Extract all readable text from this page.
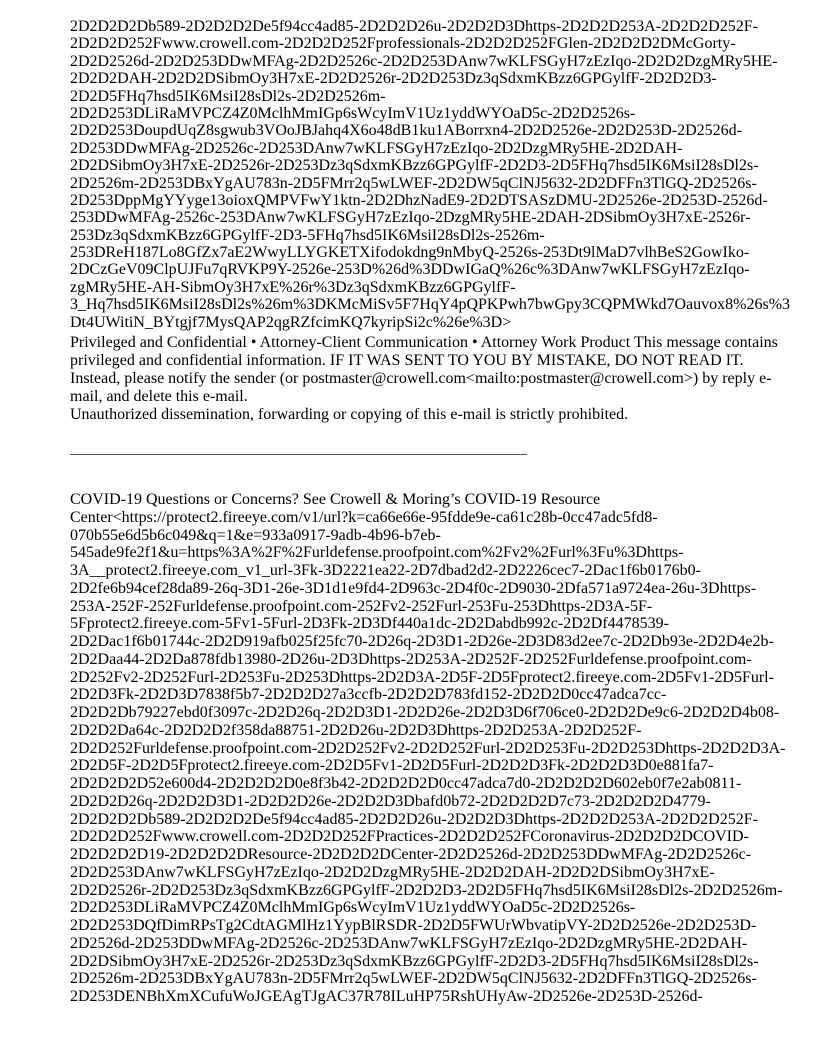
2D2D2D2Db589-2D2D2D2De5f94cc4ad85-2D2D2D26u-2D2D2D3Dhttps-2D2D2D253A-2D2D2D252F-
2D2D2D252Fwww.crowell.com-2D2D2D252Fprofessionals-2D2D2D252FGlen-2D2D2D2DMcGorty-
2D2D2526d-2D2D253DDwMFAg-2D2D2526c-2D2D253DAnw7wKLFSGyH7zEzIqo-2D2D2DzgMRy5HE-
2D2D2DAH-2D2D2DSibmOy3H7xE-2D2D2526r-2D2D253Dz3qSdxmKBzz6GPGylfF-2D2D2D3-
2D2D5FHq7hsd5IK6MsiI28sDl2s-2D2D2526m-
2D2D253DLiRaMVPCZ4Z0MclhMmIGp6sWcyImV1Uz1yddWYOaD5c-2D2D2526s-
2D2D253DoupdUqZ8sgwub3VOoJBJahq4X6o48dB1ku1ABorrxn4-2D2D2526e-2D2D253D-2D2526d-
2D253DDwMFAg-2D2526c-2D253DAnw7wKLFSGyH7zEzIqo-2D2DzgMRy5HE-2D2DAH-
2D2DSibmOy3H7xE-2D2526r-2D253Dz3qSdxmKBzz6GPGylfF-2D2D3-2D5FHq7hsd5IK6MsiI28sDl2s-
2D2526m-2D253DBxYgAU783n-2D5FMrr2q5wLWEF-2D2DW5qClNJ5632-2D2DFFn3TlGQ-2D2526s-
2D253DppMgYYyge13oioxQMPVFwY1ktn-2D2DhzNadE9-2D2DTSASzDMU-2D2526e-2D253D-2526d-
253DDwMFAg-2526c-253DAnw7wKLFSGyH7zEzIqo-2DzgMRy5HE-2DAH-2DSibmOy3H7xE-2526r-
253Dz3qSdxmKBzz6GPGylfF-2D3-5FHq7hsd5IK6MsiI28sDl2s-2526m-
253DReH187Lo8GfZx7aE2WwyLLYGKETXifodokdng9nMbyQ-2526s-253Dt9lMaD7vlhBeS2GowIko-
2DCzGeV09ClpUJFu7qRVKP9Y-2526e-253D%26d%3DDwIGaQ%26c%3DAnw7wKLFSGyH7zEzIqo-
zgMRy5HE-AH-SibmOy3H7xE%26r%3Dz3qSdxmKBzz6GPGylfF-
3_Hq7hsd5IK6MsiI28sDl2s%26m%3DKMcMiSv5F7HqY4pQPKPwh7bwGpy3CQPMWkd7Oauvox8%26s%3
Dt4UWitiN_BYtgjf7MysQAP2qgRZfcimKQ7kyripSi2c%26e%3D>
Privileged and Confidential • Attorney-Client Communication • Attorney Work Product This message contains
privileged and confidential information. IF IT WAS SENT TO YOU BY MISTAKE, DO NOT READ IT.
Instead, please notify the sender (or postmaster@crowell.com<mailto:postmaster@crowell.com>) by reply e-
mail, and delete this e-mail.
Unauthorized dissemination, forwarding or copying of this e-mail is strictly prohibited.
COVID-19 Questions or Concerns? See Crowell & Moring’s COVID-19 Resource
Center<https://protect2.fireeye.com/v1/url?k=ca66e66e-95fdde9e-ca61c28b-0cc47adc5fd8-
070b55e6d5b6c049&q=1&e=933a0917-9adb-4b96-b7eb-
545ade9fe2f1&u=https%3A%2F%2Furldefense.proofpoint.com%2Fv2%2Furl%3Fu%3Dhttps-
3A__protect2.fireeye.com_v1_url-3Fk-3D2221ea22-2D7dbad2d2-2D2226cec7-2Dac1f6b0176b0-
2D2fe6b94cef28da89-26q-3D1-26e-3D1d1e9fd4-2D963c-2D4f0c-2D9030-2Dfa571a9724ea-26u-3Dhttps-
253A-252F-252Furldefense.proofpoint.com-252Fv2-252Furl-253Fu-253Dhttps-2D3A-5F-
5Fprotect2.fireeye.com-5Fv1-5Furl-2D3Fk-2D3Df440a1dc-2D2Dabdb992c-2D2Df4478539-
2D2Dac1f6b01744c-2D2D919afb025f25fc70-2D26q-2D3D1-2D26e-2D3D83d2ee7c-2D2Db93e-2D2D4e2b-
2D2Daa44-2D2Da878fdb13980-2D26u-2D3Dhttps-2D253A-2D252F-2D252Furldefense.proofpoint.com-
2D252Fv2-2D252Furl-2D253Fu-2D253Dhttps-2D2D3A-2D5F-2D5Fprotect2.fireeye.com-2D5Fv1-2D5Furl-
2D2D3Fk-2D2D3D7838f5b7-2D2D2D27a3ccfb-2D2D2D783fd152-2D2D2D0cc47adca7cc-
2D2D2Db79227ebd0f3097c-2D2D26q-2D2D3D1-2D2D26e-2D2D3D6f706ce0-2D2D2De9c6-2D2D2D4b08-
2D2D2Da64c-2D2D2D2f358da88751-2D2D26u-2D2D3Dhttps-2D2D253A-2D2D252F-
2D2D252Furldefense.proofpoint.com-2D2D252Fv2-2D2D252Furl-2D2D253Fu-2D2D253Dhttps-2D2D2D3A-
2D2D5F-2D2D5Fprotect2.fireeye.com-2D2D5Fv1-2D2D5Furl-2D2D2D3Fk-2D2D2D3D0e881fa7-
2D2D2D2D52e600d4-2D2D2D2D0e8f3b42-2D2D2D2D0cc47adca7d0-2D2D2D2D602eb0f7e2ab0811-
2D2D2D26q-2D2D2D3D1-2D2D2D26e-2D2D2D3Dbafd0b72-2D2D2D2D7c73-2D2D2D2D4779-
2D2D2D2Db589-2D2D2D2De5f94cc4ad85-2D2D2D26u-2D2D2D3Dhttps-2D2D2D253A-2D2D2D252F-
2D2D2D252Fwww.crowell.com-2D2D2D252FPractices-2D2D2D252FCoronavirus-2D2D2D2DCOVID-
2D2D2D2D19-2D2D2D2DResource-2D2D2D2DCenter-2D2D2526d-2D2D253DDwMFAg-2D2D2526c-
2D2D253DAnw7wKLFSGyH7zEzIqo-2D2D2DzgMRy5HE-2D2D2DAH-2D2D2DSibmOy3H7xE-
2D2D2526r-2D2D253Dz3qSdxmKBzz6GPGylfF-2D2D2D3-2D2D5FHq7hsd5IK6MsiI28sDl2s-2D2D2526m-
2D2D253DLiRaMVPCZ4Z0MclhMmIGp6sWcyImV1Uz1yddWYOaD5c-2D2D2526s-
2D2D253DQfDimRPsTg2CdtAGMlHz1YypBlRSDR-2D2D5FWUrWbvatipVY-2D2D2526e-2D2D253D-
2D2526d-2D253DDwMFAg-2D2526c-2D253DAnw7wKLFSGyH7zEzIqo-2D2DzgMRy5HE-2D2DAH-
2D2DSibmOy3H7xE-2D2526r-2D253Dz3qSdxmKBzz6GPGylfF-2D2D3-2D5FHq7hsd5IK6MsiI28sDl2s-
2D2526m-2D253DBxYgAU783n-2D5FMrr2q5wLWEF-2D2DW5qClNJ5632-2D2DFFn3TlGQ-2D2526s-
2D253DENBhXmXCufuWoJGEAgTJgAC37R78ILuHP75RshUHyAw-2D2526e-2D253D-2526d-
